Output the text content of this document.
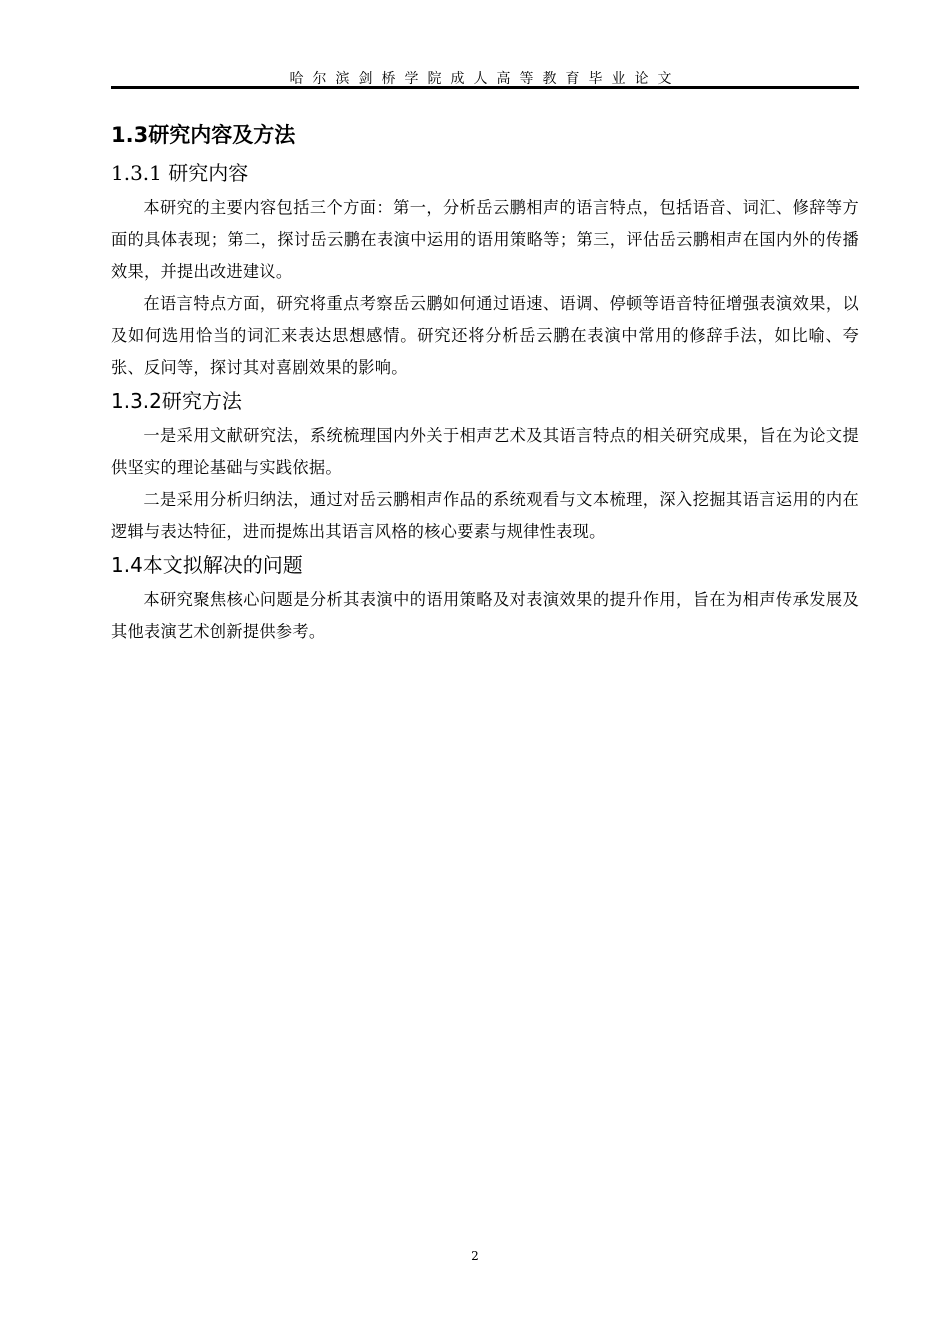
哈尔滨剑桥学院成人高等教育毕业论文
1.3研究内容及方法
1.3.1 研究内容

本研究的主要内容包括三个方面：第一，分析岳云鹏相声的语言特点，包括语音、词汇、修辞等方面的具体表现；第二，探讨岳云鹏在表演中运用的语用策略等；第三，评估岳云鹏相声在国内外的传播效果，并提出改进建议。

在语言特点方面，研究将重点考察岳云鹏如何通过语速、语调、停顿等语音特征增强表演效果，以及如何选用恰当的词汇来表达思想感情。研究还将分析岳云鹏在表演中常用的修辞手法，如比喻、夸张、反问等，探讨其对喜剧效果的影响。

1.3.2研究方法

一是采用文献研究法，系统梳理国内外关于相声艺术及其语言特点的相关研究成果，旨在为论文提供坚实的理论基础与实践依据。

二是采用分析归纳法，通过对岳云鹏相声作品的系统观看与文本梳理，深入挖掘其语言运用的内在逻辑与表达特征，进而提炼出其语言风格的核心要素与规律性表现。

1.4本文拟解决的问题

本研究聚焦核心问题是分析其表演中的语用策略及对表演效果的提升作用，旨在为相声传承发展及其他表演艺术创新提供参考。

2
